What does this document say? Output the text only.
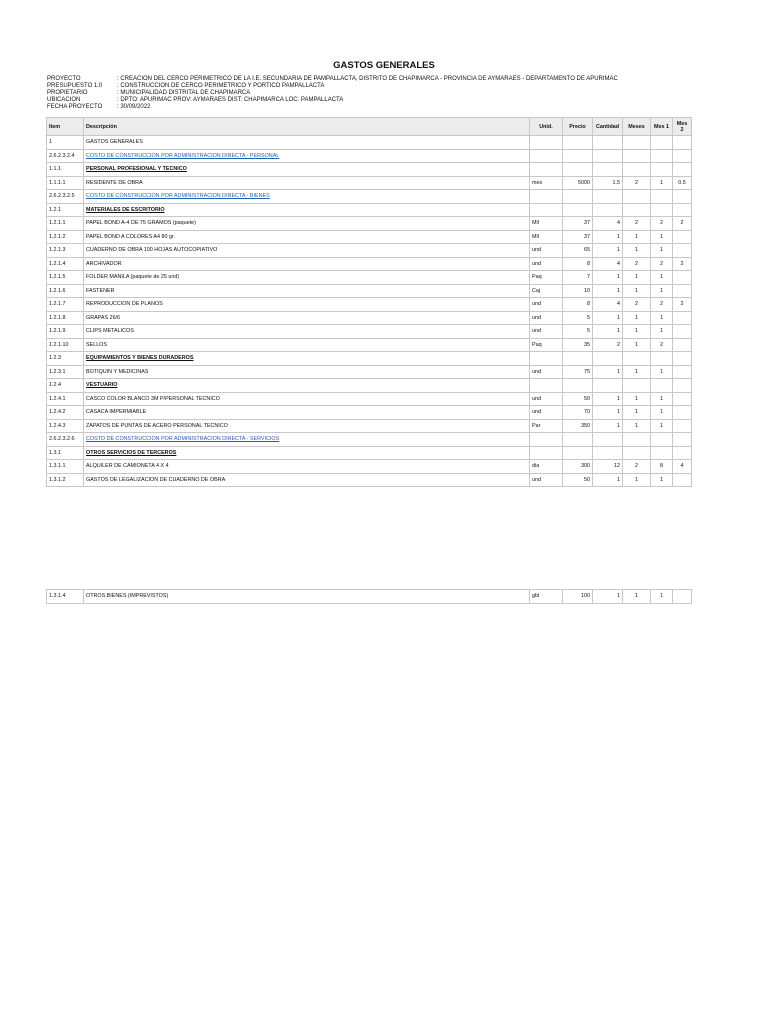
GASTOS GENERALES
PROYECTO	: CREACION DEL CERCO PERIMETRICO DE LA I.E. SECUNDARIA DE PAMPALLACTA, DISTRITO DE CHAPIMARCA - PROVINCIA DE AYMARAES - DEPARTAMENTO DE APURIMAC
PRESUPUESTO 1.0	: CONSTRUCCION DE CERCO PERIMETRICO Y PORTICO PAMPALLACTA
PROPIETARIO	: MUNICIPALIDAD DISTRITAL DE CHAPIMARCA
UBICACION	: DPTO: APURIMAC PROV: AYMARAES DIST: CHAPIMARCA LOC: PAMPALLACTA
FECHA PROYECTO	: 30/09/2022
Item	Descripción	Unid.	Precio	Cantidad	Meses	Mes 1	Mes 2
1	GASTOS GENERALES						
2.6.2.3.2.4	COSTO DE CONSTRUCCION POR ADMINISTRACION DIRECTA - PERSONAL						
1.1.1	PERSONAL PROFESIONAL Y TECNICO						
1.1.1.1	RESIDENTE DE OBRA	mes	5000	1.5	2	1	0.5
2.6.2.3.2.5	COSTO DE CONSTRUCCION POR ADMINISTRACION DIRECTA - BIENES						
1.2.1	MATERIALES DE ESCRITORIO						
1.2.1.1	PAPEL BOND A-4 DE 75 GRAMOS (paquete)	Mll	37	4	2	2	2
1.2.1.2	PAPEL BOND A COLORES A4 80 gr.	Mll	37	1	1	1	
1.2.1.3	CUADERNO DE OBRA 100 HOJAS AUTOCOPIATIVO	und	65	1	1	1	
1.2.1.4	ARCHIVADOR	und	8	4	2	2	2
1.2.1.5	FOLDER MANILA (paquete de 25 und)	Paq	7	1	1	1	
1.2.1.6	FASTENER	Caj	10	1	1	1	
1.2.1.7	REPRODUCCION DE PLANOS	und	8	4	2	2	2
1.2.1.8	GRAPAS 26/6	und	5	1	1	1	
1.2.1.9	CLIPS METALICOS	und	5	1	1	1	
1.2.1.10	SELLOS	Paq	35	2	1	2	
1.2.3	EQUIPAMIENTOS Y BIENES DURADEROS						
1.2.3.1	BOTIQUIN Y MEDICINAS	und	75	1	1	1	
1.2.4	VESTUARIO						
1.2.4.1	CASCO COLOR BLANCO 3M P/PERSONAL TECNICO	und	50	1	1	1	
1.2.4.2	CASACA IMPERMIABLE	und	70	1	1	1	
1.2.4.3	ZAPATOS DE PUNTAS DE ACERO PERSONAL TECNICO	Par	350	1	1	1	
2.6.2.3.2.6	COSTO DE CONSTRUCCION POR ADMINISTRACION DIRECTA - SERVICIOS						
1.3.1	OTROS SERVICIOS DE TERCEROS						
1.3.1.1	ALQUILER DE CAMIONETA 4 X 4	dia	300	12	2	8	4
1.3.1.2	GASTOS DE LEGALIZACION DE CUADERNO DE OBRA	und	50	1	1	1	
1.3.1.4	OTROS BIENES (IMPREVISTOS)	gbl	100	1	1	1	
